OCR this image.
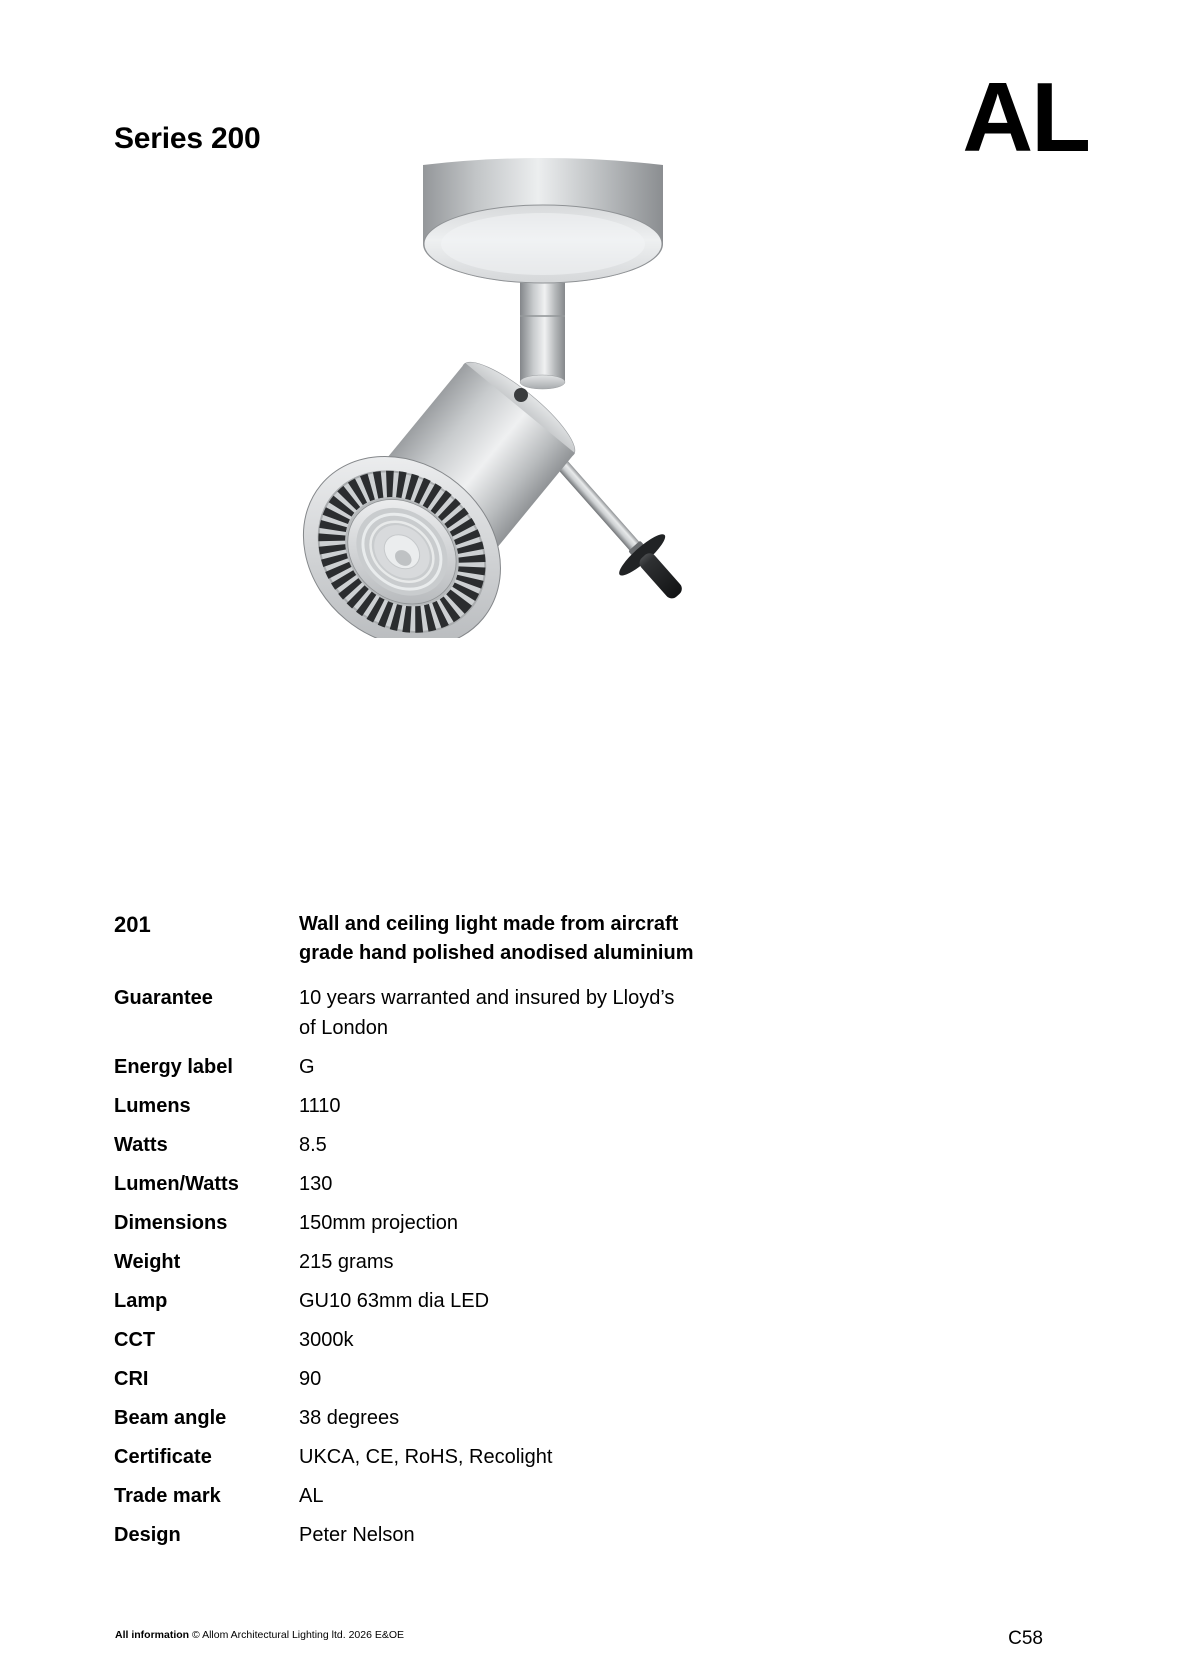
Series 200	AL
201	Wall and ceiling light made from aircraft
grade hand polished anodised aluminium
Guarantee	10 years warranted and insured by Lloyd’s
of London
Energy label	G
Lumens	1110
Watts	8.5
Lumen/Watts	130
Dimensions	150mm projection
Weight	215 grams
Lamp	GU10 63mm dia LED
CCT	3000k
CRI	90
Beam angle	38 degrees
Certificate	UKCA, CE, RoHS, Recolight
Trade mark	AL
Design	Peter Nelson
All information © Allom Architectural Lighting ltd. 2026 E&OE	C58
